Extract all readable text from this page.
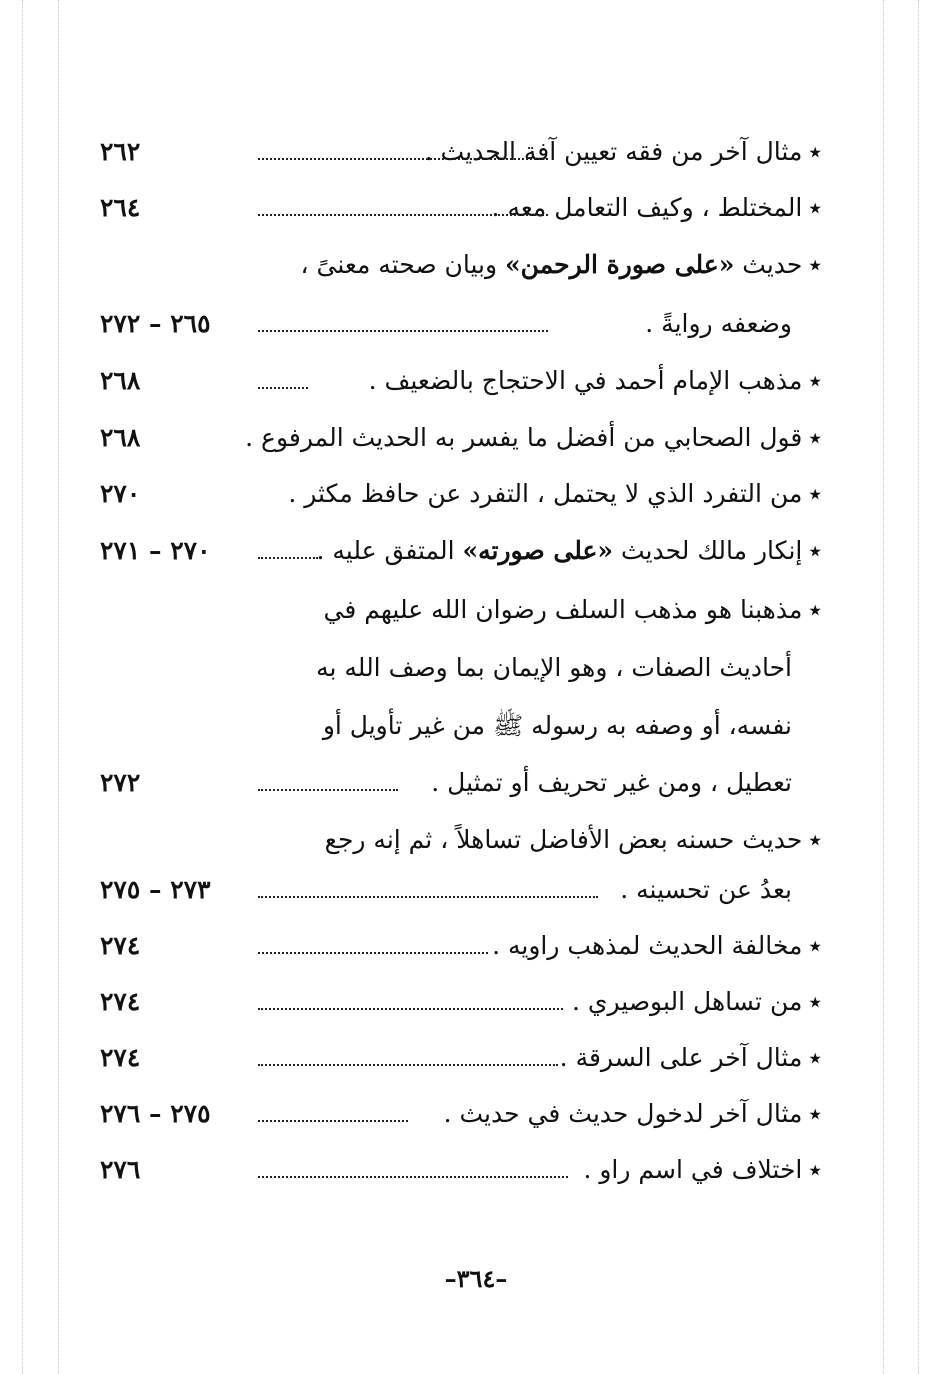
٭مثال آخر من فقه تعيين آفة الحديث .
٢٦٢
٭المختلط ، وكيف التعامل معه .
٢٦٤
٭حديث «على صورة الرحمن» وبيان صحته معنىً ،
وضعفه روايةً .
٢٦٥ – ٢٧٢
٭مذهب الإمام أحمد في الاحتجاج بالضعيف .
٢٦٨
٭قول الصحابي من أفضل ما يفسر به الحديث المرفوع .
٢٦٨
٭من التفرد الذي لا يحتمل ، التفرد عن حافظ مكثر .
٢٧٠
٭إنكار مالك لحديث «على صورته» المتفق عليه .
٢٧٠ – ٢٧١
٭مذهبنا هو مذهب السلف رضوان الله عليهم في
أحاديث الصفات ، وهو الإيمان بما وصف الله به
نفسه، أو وصفه به رسوله ﷺ من غير تأويل أو
تعطيل ، ومن غير تحريف أو تمثيل .
٢٧٢
٭حديث حسنه بعض الأفاضل تساهلاً ، ثم إنه رجع
بعدُ عن تحسينه .
٢٧٣ – ٢٧٥
٭مخالفة الحديث لمذهب راويه .
٢٧٤
٭من تساهل البوصيري .
٢٧٤
٭مثال آخر على السرقة .
٢٧٤
٭مثال آخر لدخول حديث في حديث .
٢٧٥ – ٢٧٦
٭اختلاف في اسم راو .
٢٧٦
–٣٦٤–
